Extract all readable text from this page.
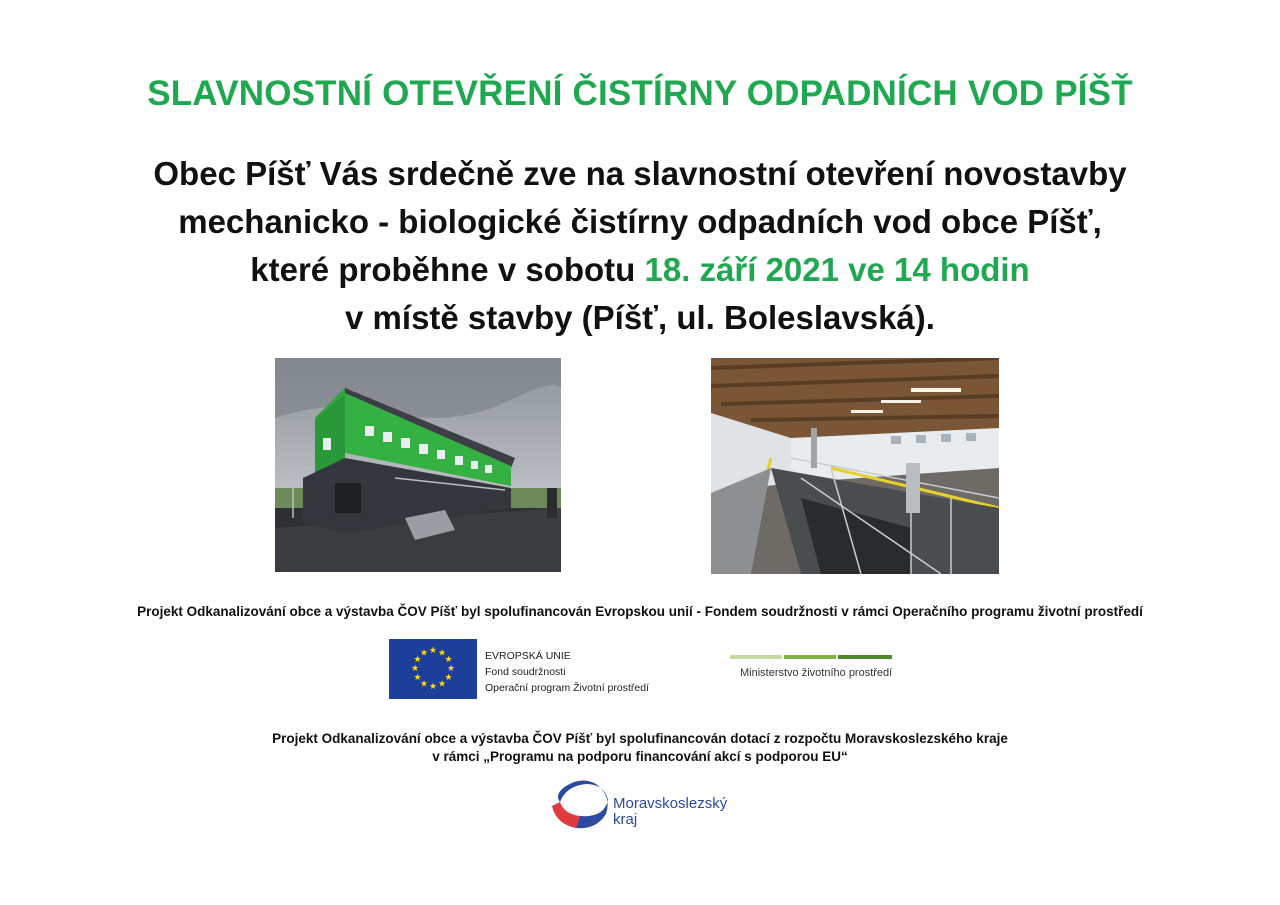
SLAVNOSTNÍ OTEVŘENÍ ČISTÍRNY ODPADNÍCH VOD PÍŠŤ
Obec Píšť Vás srdečně zve na slavnostní otevření novostavby
mechanicko - biologické čistírny odpadních vod obce Píšť,
které proběhne v sobotu 18. září 2021 ve 14 hodin
v místě stavby (Píšť, ul. Boleslavská).

Projekt Odkanalizování obce a výstavba ČOV Píšť byl spolufinancován Evropskou unií - Fondem soudržnosti v rámci Operačního programu životní prostředí

★ ★
★
★
★
★
★
★
★
★
★
★	EVROPSKÁ UNIE
Fond soudržnosti
Operační program Životní prostředí
Ministerstvo životního prostředí

Projekt Odkanalizování obce a výstavba ČOV Píšť byl spolufinancován dotací z rozpočtu Moravskoslezského kraje
v rámci „Programu na podporu financování akcí s podporou EU“

Moravskoslezský
kraj
